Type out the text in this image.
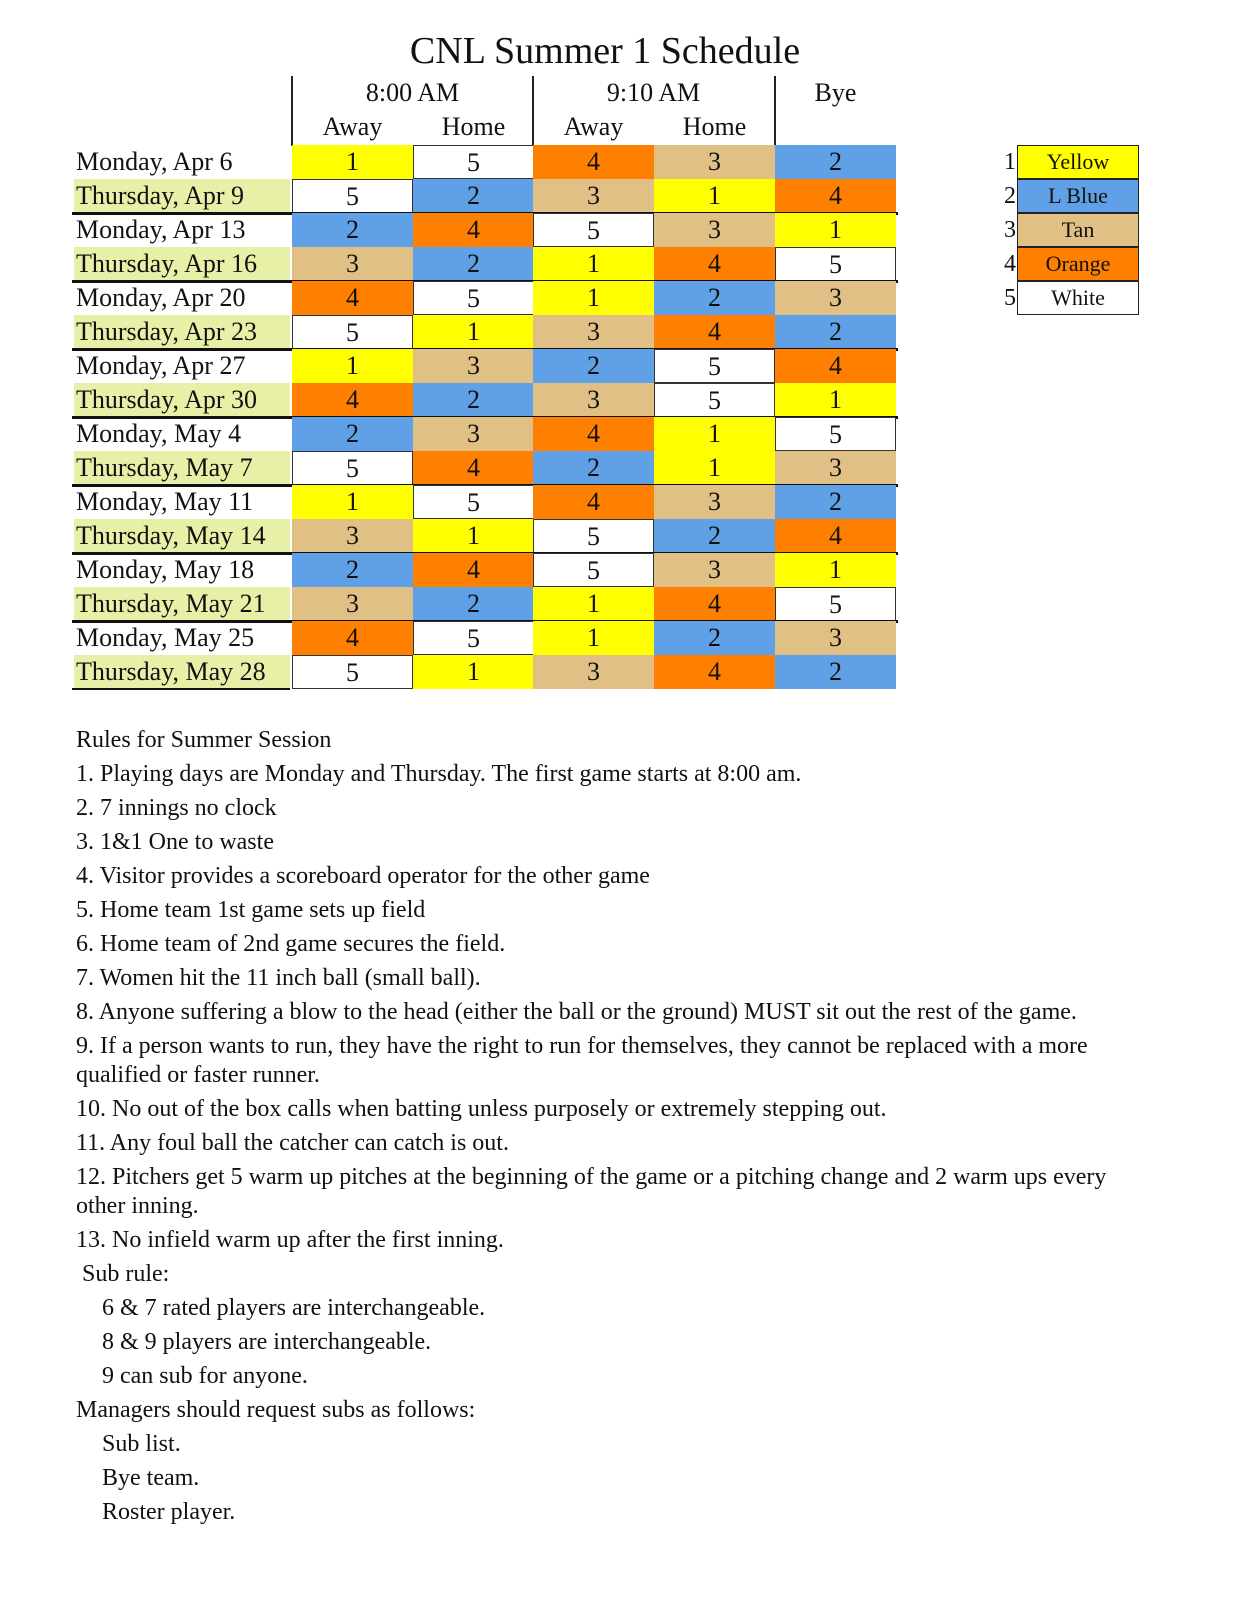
CNL Summer 1 Schedule
8:00 AM	9:10 AM	Bye
Away	Home	Away	Home
Monday, Apr 6	1	5	4	3	2
Thursday, Apr 9	5	2	3	1	4
Monday, Apr 13	2	4	5	3	1
Thursday, Apr 16	3	2	1	4	5
Monday, Apr 20	4	5	1	2	3
Thursday, Apr 23	5	1	3	4	2
Monday, Apr 27	1	3	2	5	4
Thursday, Apr 30	4	2	3	5	1
Monday, May 4	2	3	4	1	5
Thursday, May 7	5	4	2	1	3
Monday, May 11	1	5	4	3	2
Thursday, May 14	3	1	5	2	4
Monday, May 18	2	4	5	3	1
Thursday, May 21	3	2	1	4	5
Monday, May 25	4	5	1	2	3
Thursday, May 28	5	1	3	4	2
1	Yellow
2	L Blue
3	Tan
4	Orange
5	White
Rules for Summer Session
1. Playing days are Monday and Thursday. The first game starts at 8:00 am.
2. 7 innings no clock
3. 1&1 One to waste
4. Visitor provides a scoreboard operator for the other game
5. Home team 1st game sets up field
6. Home team of 2nd game secures the field.
7. Women hit the 11 inch ball (small ball).
8. Anyone suffering a blow to the head (either the ball or the ground) MUST sit out the rest of the game.
9. If a person wants to run, they have the right to run for themselves, they cannot be replaced with a more qualified or faster runner.
10. No out of the box calls when batting unless purposely or extremely stepping out.
11. Any foul ball the catcher can catch is out.
12. Pitchers get 5 warm up pitches at the beginning of the game or a pitching change and 2 warm ups every other inning.
13. No infield warm up after the first inning.
Sub rule:
6 & 7 rated players are interchangeable.
8 & 9 players are interchangeable.
9 can sub for anyone.
Managers should request subs as follows:
Sub list.
Bye team.
Roster player.
